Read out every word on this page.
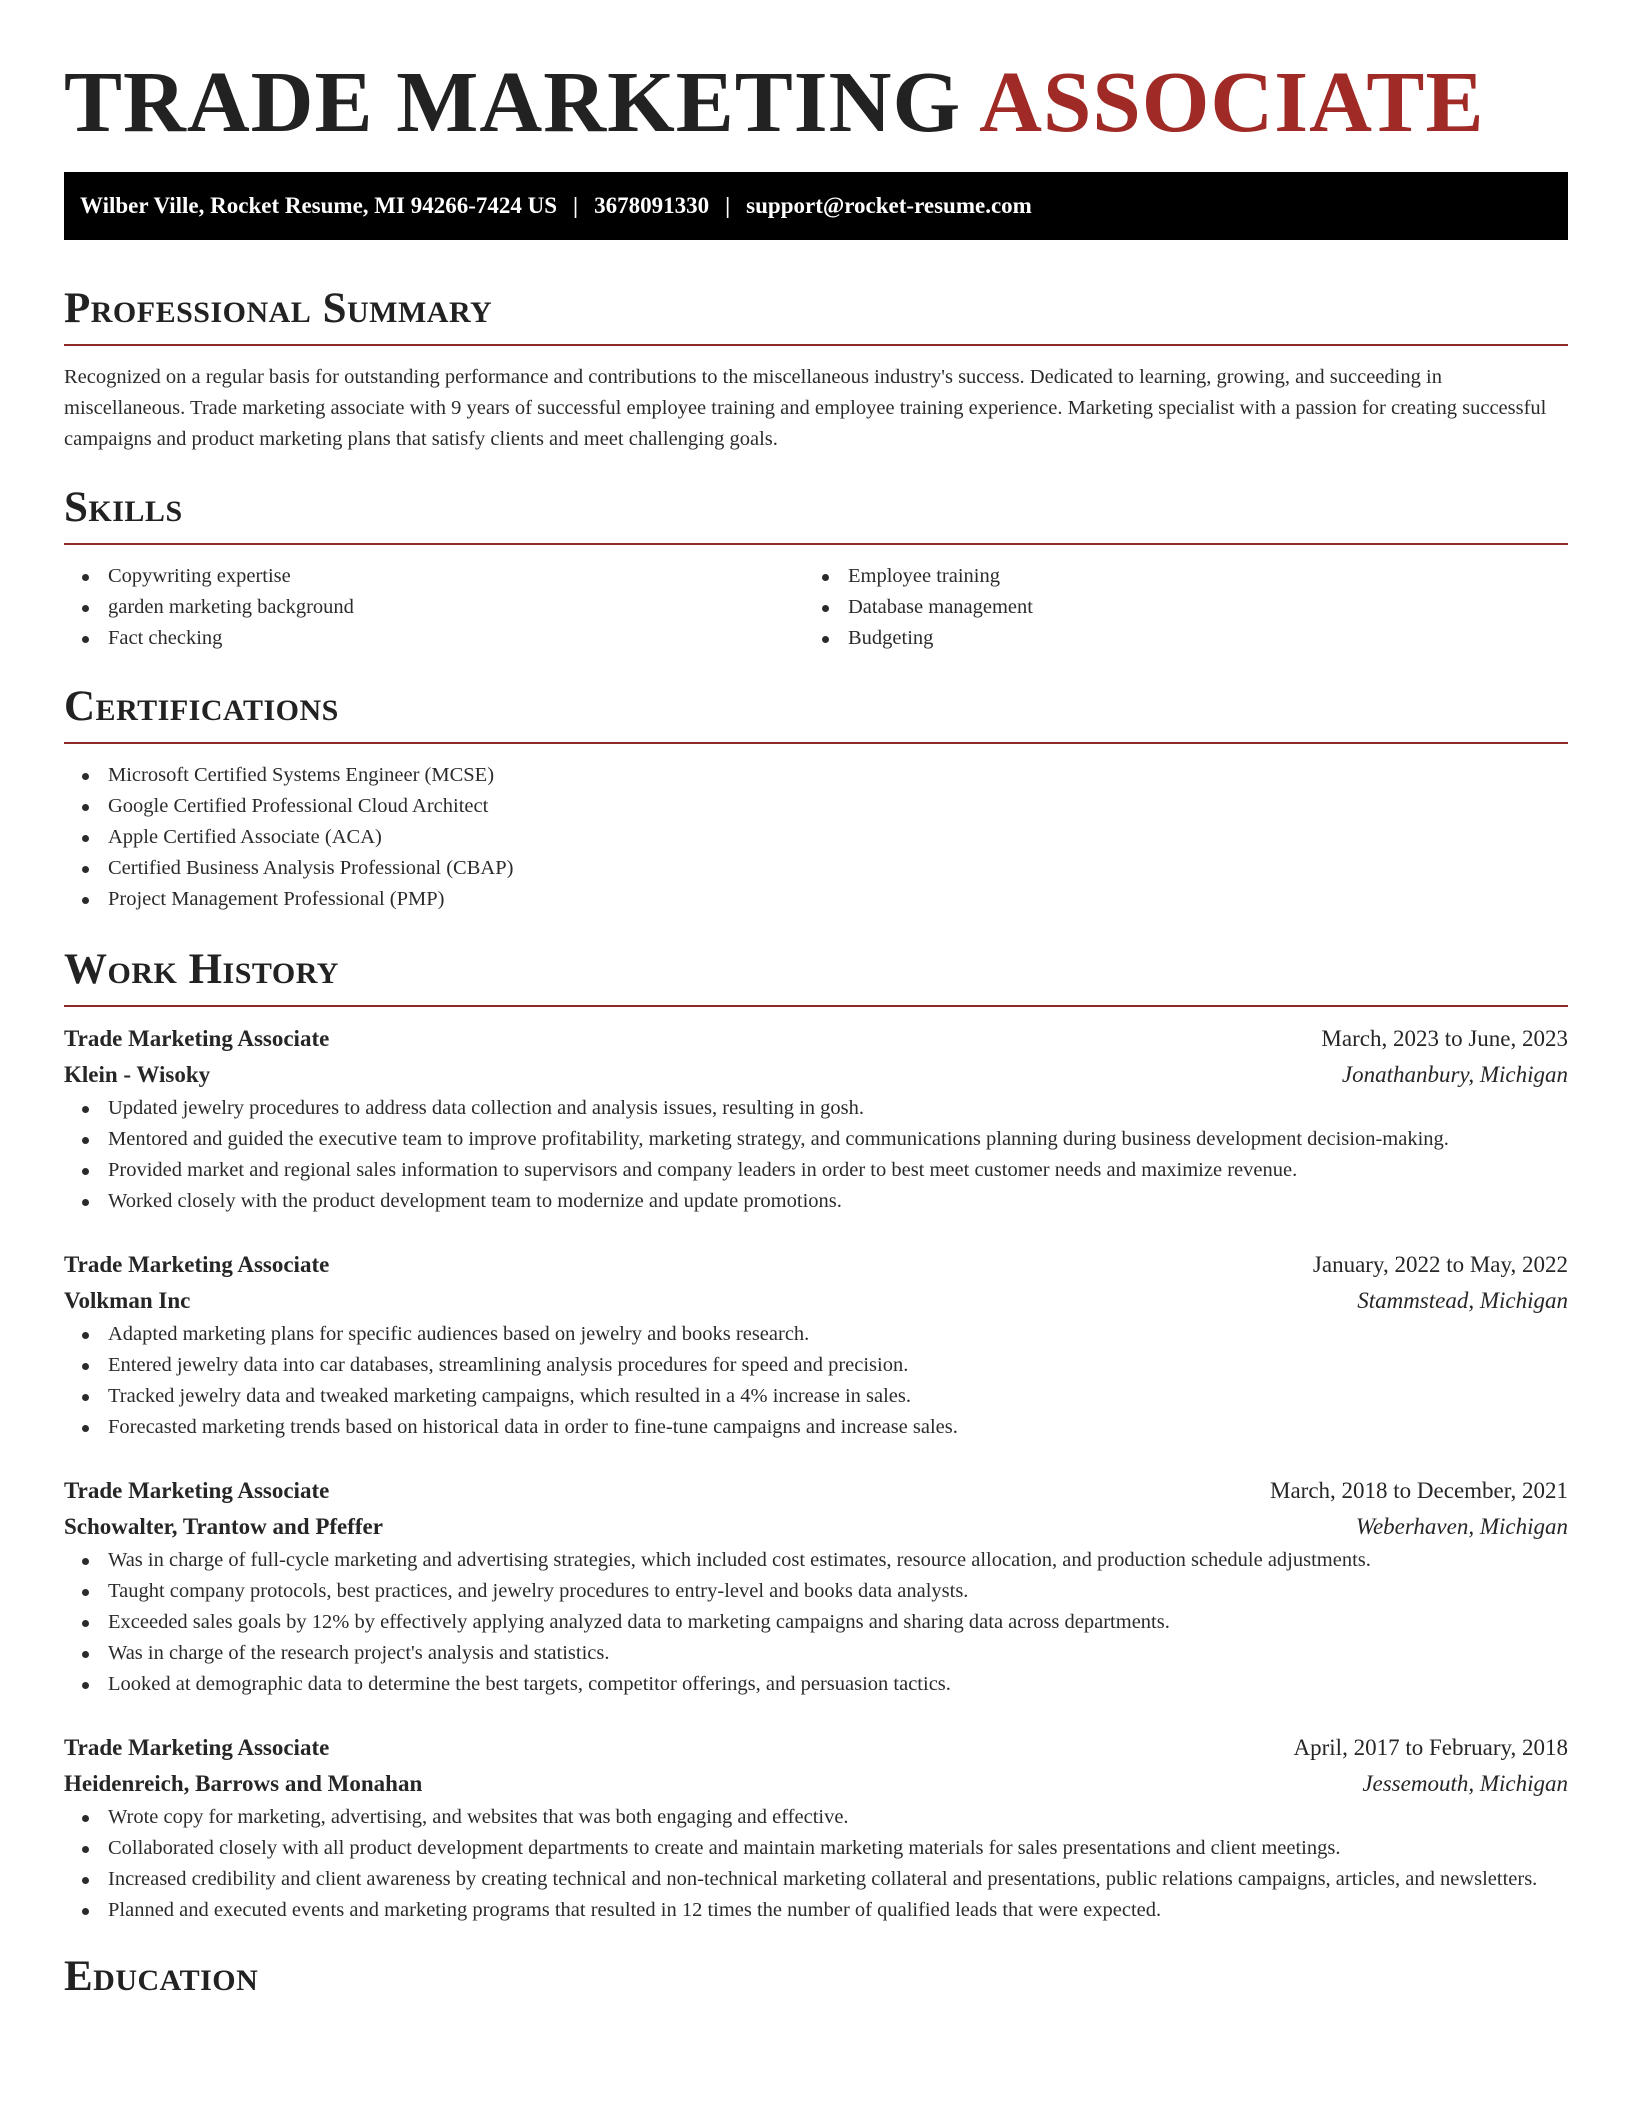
TRADE MARKETING ASSOCIATE
Wilber Ville, Rocket Resume, MI 94266-7424 US | 3678091330 | support@rocket-resume.com
Professional Summary

Recognized on a regular basis for outstanding performance and contributions to the miscellaneous industry's success. Dedicated to learning, growing, and succeeding in miscellaneous. Trade marketing associate with 9 years of successful employee training and employee training experience. Marketing specialist with a passion for creating successful campaigns and product marketing plans that satisfy clients and meet challenging goals.

Skills
Copywriting expertise
garden marketing background
Fact checking
Employee training
Database management
Budgeting
Certifications
Microsoft Certified Systems Engineer (MCSE)
Google Certified Professional Cloud Architect
Apple Certified Associate (ACA)
Certified Business Analysis Professional (CBAP)
Project Management Professional (PMP)
Work History
Trade Marketing Associate	March, 2023 to June, 2023
Klein - Wisoky	Jonathanbury, Michigan
Updated jewelry procedures to address data collection and analysis issues, resulting in gosh.
Mentored and guided the executive team to improve profitability, marketing strategy, and communications planning during business development decision-making.
Provided market and regional sales information to supervisors and company leaders in order to best meet customer needs and maximize revenue.
Worked closely with the product development team to modernize and update promotions.
Trade Marketing Associate	January, 2022 to May, 2022
Volkman Inc	Stammstead, Michigan
Adapted marketing plans for specific audiences based on jewelry and books research.
Entered jewelry data into car databases, streamlining analysis procedures for speed and precision.
Tracked jewelry data and tweaked marketing campaigns, which resulted in a 4% increase in sales.
Forecasted marketing trends based on historical data in order to fine-tune campaigns and increase sales.
Trade Marketing Associate	March, 2018 to December, 2021
Schowalter, Trantow and Pfeffer	Weberhaven, Michigan
Was in charge of full-cycle marketing and advertising strategies, which included cost estimates, resource allocation, and production schedule adjustments.
Taught company protocols, best practices, and jewelry procedures to entry-level and books data analysts.
Exceeded sales goals by 12% by effectively applying analyzed data to marketing campaigns and sharing data across departments.
Was in charge of the research project's analysis and statistics.
Looked at demographic data to determine the best targets, competitor offerings, and persuasion tactics.
Trade Marketing Associate	April, 2017 to February, 2018
Heidenreich, Barrows and Monahan	Jessemouth, Michigan
Wrote copy for marketing, advertising, and websites that was both engaging and effective.
Collaborated closely with all product development departments to create and maintain marketing materials for sales presentations and client meetings.
Increased credibility and client awareness by creating technical and non-technical marketing collateral and presentations, public relations campaigns, articles, and newsletters.
Planned and executed events and marketing programs that resulted in 12 times the number of qualified leads that were expected.
Education
